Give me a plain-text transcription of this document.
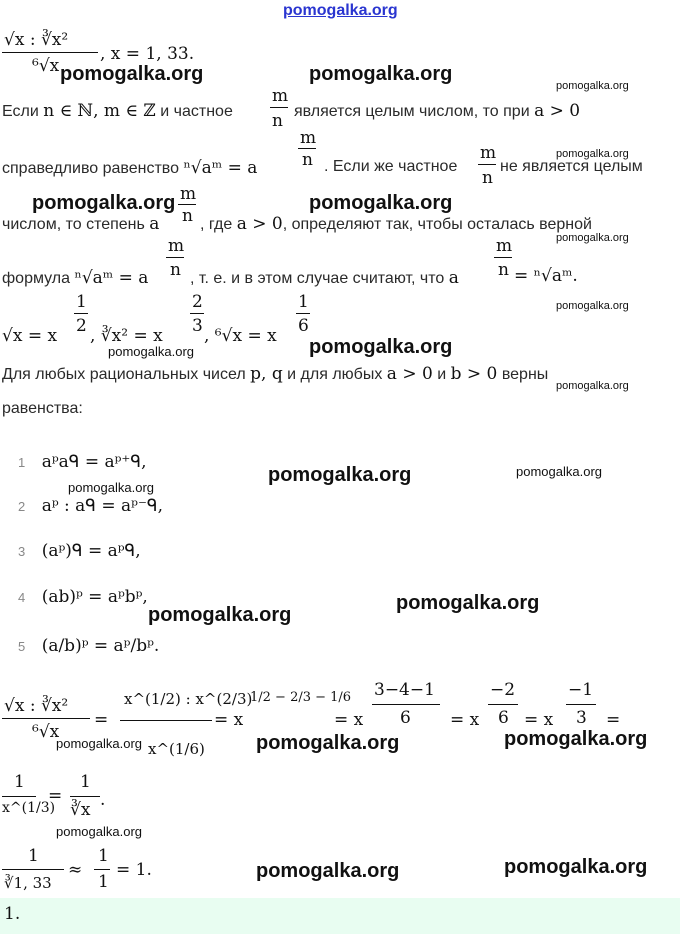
pomogalka.org
√x : ∛x²
⁶√x
, x = 1, 33.
pomogalka.org	pomogalka.org
pomogalka.org
Если n ∈ ℕ, m ∈ ℤ и частное
m
n является целым числом, то при a > 0
pomogalka.org
справедливо равенство ⁿ√aᵐ = a
m
n . Если же частное
m
n
не является целым
pomogalka.org	pomogalka.org
числом, то степень a
m
n , где a > 0, определяют так, чтобы осталась верной
pomogalka.org
формула ⁿ√aᵐ = a
m
n , т. е. и в этом случае считают, что a
m
n = ⁿ√aᵐ.
pomogalka.org
√x = x
1
2 , ∛x² = x
2
3 , ⁶√x = x
1
6
pomogalka.org	pomogalka.org
Для любых рациональных чисел p, q и для любых a > 0 и b > 0 верны
pomogalka.org
равенства:
1 aᵖaᑫ = aᵖ⁺ᑫ,
pomogalka.org	pomogalka.org
pomogalka.org
2 aᵖ : aᑫ = aᵖ⁻ᑫ,
3 (aᵖ)ᑫ = aᵖᑫ,
4 (ab)ᵖ = aᵖbᵖ,
pomogalka.org
pomogalka.org
5 (a/b)ᵖ = aᵖ/bᵖ.
√x : ∛x²
⁶√x
=
x^(1/2) : x^(2/3)
x^(1/6)
= x
1/2 − 2/3 − 1/6
= x
3−4−1
6 = x
−2
6 = x
−1
3 =
pomogalka.org	pomogalka.org	pomogalka.org
1
x^(1/3)
=
1
∛x .
pomogalka.org
1
∛1, 33
≈
1
1
= 1.	pomogalka.org	pomogalka.org
1.
